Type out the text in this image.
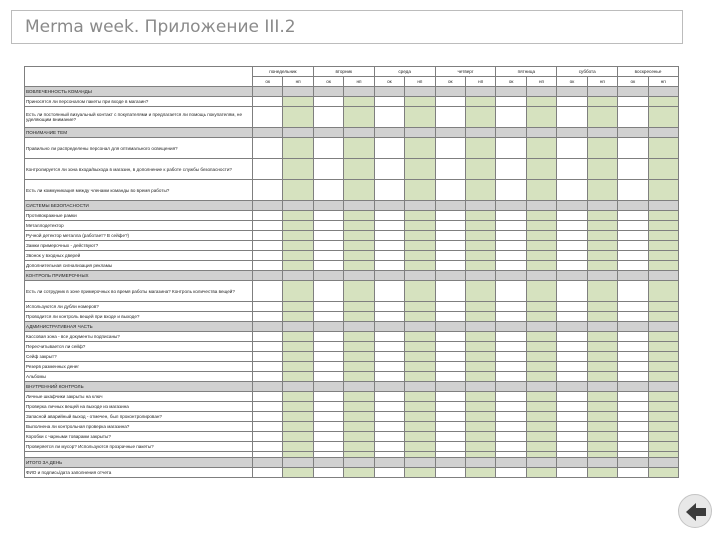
Merma week. Приложение III.2
	понедельник		вторник		среда		четверг		пятница		суббота		воскресенье	
	ок	нп	ок	нп	ок	нп	ок	нп	ок	нп	ок	нп	ок	нп
ВОВЛЕЧЕННОСТЬ КОМАНДЫ														
Приносятся ли персоналом пакеты при входе в магазин?														
Есть ли постоянный визуальный контакт с покупателями и предлагается ли помощь покупателям, не уделяющим внимание?														
ПОНИМАНИЕ ТЕМ														
Правильно ли распределены персонал для оптимального освещения?														
Контролируется ли зона входа/выхода в магазин, в дополнение к работе службы безопасности?														
Есть ли коммуникация между членами команды во время работы?														
СИСТЕМЫ БЕЗОПАСНОСТИ														
Противокражные рамки														
Металлодетектор														
Ручной детектор металла (работает? В сейфе?)														
Замки примерочных - действуют?														
Звонок у входных дверей														
Дополнительная сигнализация рекламы														
КОНТРОЛЬ ПРИМЕРОЧНЫХ														
Есть ли сотрудник в зоне примерочных во время работы магазина? Контроль количества вещей?														
Используются ли дубли номеров?														
Проводится ли контроль вещей при входе и выходе?														
АДМИНИСТРАТИВНАЯ ЧАСТЬ														
Кассовая зона - все документы подписаны?														
Пересчитывается ли сейф?														
Сейф закрыт?														
Резерв разменных денег														
Альбомы														
ВНУТРЕННИЙ КОНТРОЛЬ														
Личные шкафчики закрыты на ключ														
Проверка личных вещей на выходе из магазина														
Запасной аварийный выход - отмечен, был проконтролирован?														
Выполнена ли контрольная проверка магазина?														
Коробки с чарными товарами закрыты?														
Проверяется ли мусор? Используются прозрачные пакеты?														

ИТОГО ЗА ДЕНЬ														
ФИО и подпись/дата заполнения отчета														
